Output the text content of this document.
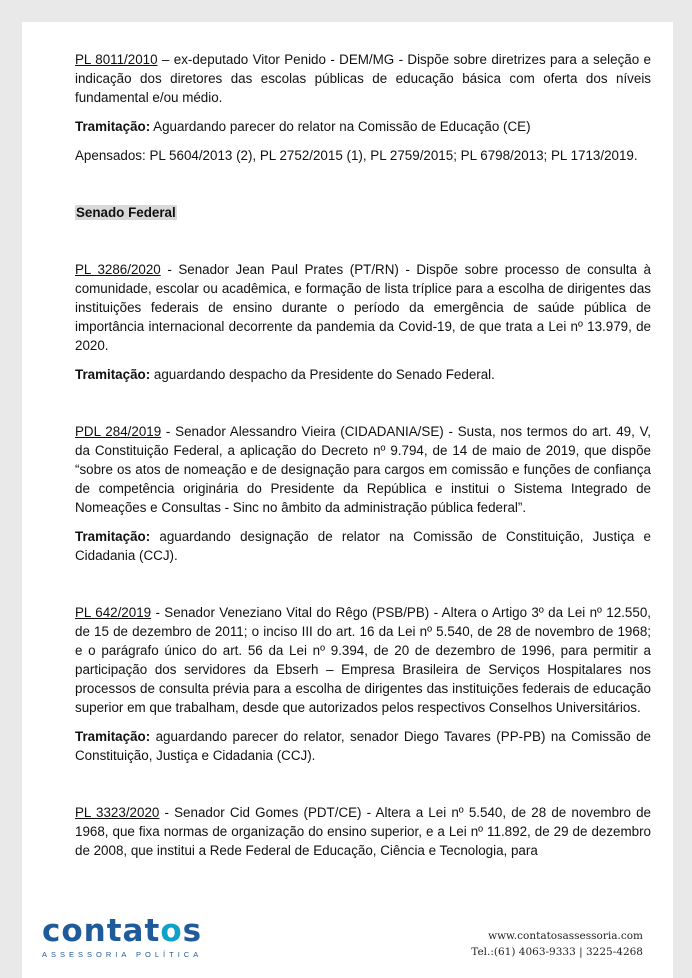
PL 8011/2010 – ex-deputado Vitor Penido - DEM/MG - Dispõe sobre diretrizes para a seleção e indicação dos diretores das escolas públicas de educação básica com oferta dos níveis fundamental e/ou médio.

Tramitação: Aguardando parecer do relator na Comissão de Educação (CE)

Apensados: PL 5604/2013 (2), PL 2752/2015 (1), PL 2759/2015; PL 6798/2013; PL 1713/2019.

Senado Federal

PL 3286/2020 - Senador Jean Paul Prates (PT/RN) - Dispõe sobre processo de consulta à comunidade, escolar ou acadêmica, e formação de lista tríplice para a escolha de dirigentes das instituições federais de ensino durante o período da emergência de saúde pública de importância internacional decorrente da pandemia da Covid-19, de que trata a Lei nº 13.979, de 2020.

Tramitação: aguardando despacho da Presidente do Senado Federal.

PDL 284/2019 - Senador Alessandro Vieira (CIDADANIA/SE) - Susta, nos termos do art. 49, V, da Constituição Federal, a aplicação do Decreto nº 9.794, de 14 de maio de 2019, que dispõe “sobre os atos de nomeação e de designação para cargos em comissão e funções de confiança de competência originária do Presidente da República e institui o Sistema Integrado de Nomeações e Consultas - Sinc no âmbito da administração pública federal”.

Tramitação: aguardando designação de relator na Comissão de Constituição, Justiça e Cidadania (CCJ).

PL 642/2019 - Senador Veneziano Vital do Rêgo (PSB/PB) - Altera o Artigo 3º da Lei nº 12.550, de 15 de dezembro de 2011; o inciso III do art. 16 da Lei nº 5.540, de 28 de novembro de 1968; e o parágrafo único do art. 56 da Lei nº 9.394, de 20 de dezembro de 1996, para permitir a participação dos servidores da Ebserh – Empresa Brasileira de Serviços Hospitalares nos processos de consulta prévia para a escolha de dirigentes das instituições federais de educação superior em que trabalham, desde que autorizados pelos respectivos Conselhos Universitários.

Tramitação: aguardando parecer do relator, senador Diego Tavares (PP-PB) na Comissão de Constituição, Justiça e Cidadania (CCJ).

PL 3323/2020 - Senador Cid Gomes (PDT/CE) - Altera a Lei nº 5.540, de 28 de novembro de 1968, que fixa normas de organização do ensino superior, e a Lei nº 11.892, de 29 de dezembro de 2008, que institui a Rede Federal de Educação, Ciência e Tecnologia, para

contatos
ASSESSORIA POLÍTICA
www.contatosassessoria.com
Tel.:(61) 4063-9333 | 3225-4268
